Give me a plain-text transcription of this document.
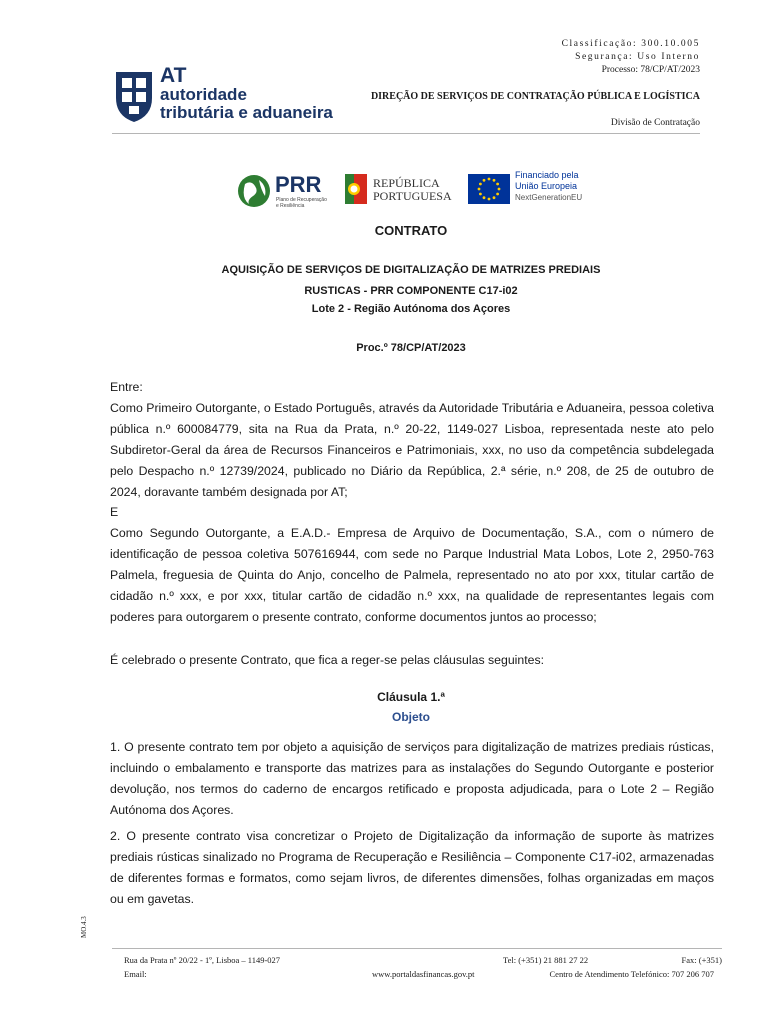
Classificação: 300.10.005
Segurança: Uso Interno
Processo: 78/CP/AT/2023
AT
autoridade
tributária e aduaneira
DIREÇÃO DE SERVIÇOS DE CONTRATAÇÃO PÚBLICA E LOGÍSTICA
Divisão de Contratação
PRR
Plano de Recuperação
e Resiliência
REPÚBLICA
PORTUGUESA
Financiado pela
União Europeia
NextGenerationEU
CONTRATO
AQUISIÇÃO DE SERVIÇOS DE DIGITALIZAÇÃO DE MATRIZES PREDIAIS
RUSTICAS - PRR COMPONENTE C17-i02
Lote 2 - Região Autónoma dos Açores
Proc.º 78/CP/AT/2023
Entre:
Como Primeiro Outorgante, o Estado Português, através da Autoridade Tributária e Aduaneira, pessoa coletiva pública n.º 600084779, sita na Rua da Prata, n.º 20-22, 1149-027 Lisboa, representada neste ato pelo Subdiretor-Geral da área de Recursos Financeiros e Patrimoniais, xxx, no uso da competência subdelegada pelo Despacho n.º 12739/2024, publicado no Diário da República, 2.ª série, n.º 208, de 25 de outubro de 2024, doravante também designada por AT;
E
Como Segundo Outorgante, a E.A.D.- Empresa de Arquivo de Documentação, S.A., com o número de identificação de pessoa coletiva 507616944, com sede no Parque Industrial Mata Lobos, Lote 2, 2950-763 Palmela, freguesia de Quinta do Anjo, concelho de Palmela, representado no ato por xxx, titular cartão de cidadão n.º xxx, e por xxx, titular cartão de cidadão n.º xxx, na qualidade de representantes legais com poderes para outorgarem o presente contrato, conforme documentos juntos ao processo;
É celebrado o presente Contrato, que fica a reger-se pelas cláusulas seguintes:
Cláusula 1.ª
Objeto
1. O presente contrato tem por objeto a aquisição de serviços para digitalização de matrizes prediais rústicas, incluindo o embalamento e transporte das matrizes para as instalações do Segundo Outorgante e posterior devolução, nos termos do caderno de encargos retificado e proposta adjudicada, para o Lote 2 – Região Autónoma dos Açores.
2. O presente contrato visa concretizar o Projeto de Digitalização da informação de suporte às matrizes prediais rústicas sinalizado no Programa de Recuperação e Resiliência – Componente C17-i02, armazenadas de diferentes formas e formatos, como sejam livros, de diferentes dimensões, folhas organizadas em maços ou em gavetas.
MO.4.3
Rua da Prata nº 20/22 - 1º, Lisboa – 1149-027
Email:
Tel: (+351) 21 881 27 22	Fax: (+351)
www.portaldasfinancas.gov.pt	Centro de Atendimento Telefónico: 707 206 707
